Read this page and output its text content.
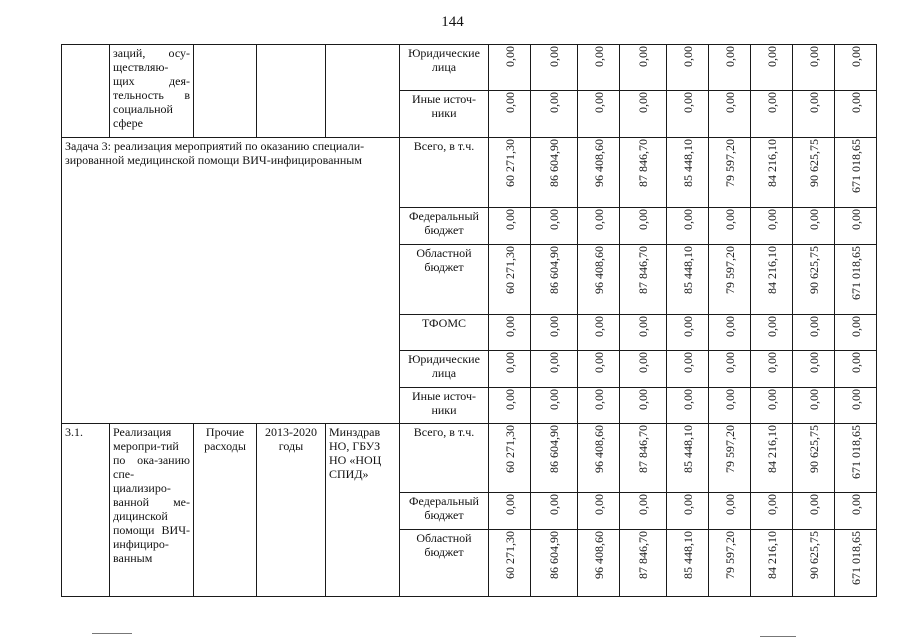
144
	заций, осу-ществляю-щих дея-тельность в социальной сфере				Юридические лица	0,00	0,00	0,00	0,00	0,00	0,00	0,00	0,00	0,00
					Иные источ-ники	0,00	0,00	0,00	0,00	0,00	0,00	0,00	0,00	0,00
Задача 3: реализация мероприятий по оказанию специали-зированной медицинской помощи ВИЧ-инфицированным					Всего, в т.ч.	60 271,30	86 604,90	96 408,60	87 846,70	85 448,10	79 597,20	84 216,10	90 625,75	671 018,65
					Федеральный бюджет	0,00	0,00	0,00	0,00	0,00	0,00	0,00	0,00	0,00
					Областной бюджет	60 271,30	86 604,90	96 408,60	87 846,70	85 448,10	79 597,20	84 216,10	90 625,75	671 018,65
					ТФОМС	0,00	0,00	0,00	0,00	0,00	0,00	0,00	0,00	0,00
					Юридические лица	0,00	0,00	0,00	0,00	0,00	0,00	0,00	0,00	0,00
					Иные источ-ники	0,00	0,00	0,00	0,00	0,00	0,00	0,00	0,00	0,00
3.1.	Реализация меропри-тий по ока-занию спе-циализиро-ванной ме-дицинской помощи ВИЧ-инфициро-ванным	Прочие расходы	2013-2020 годы	Минздрав НО, ГБУЗ НО «НОЦ СПИД»	Всего, в т.ч.	60 271,30	86 604,90	96 408,60	87 846,70	85 448,10	79 597,20	84 216,10	90 625,75	671 018,65
					Федеральный бюджет	0,00	0,00	0,00	0,00	0,00	0,00	0,00	0,00	0,00
					Областной бюджет	60 271,30	86 604,90	96 408,60	87 846,70	85 448,10	79 597,20	84 216,10	90 625,75	671 018,65
